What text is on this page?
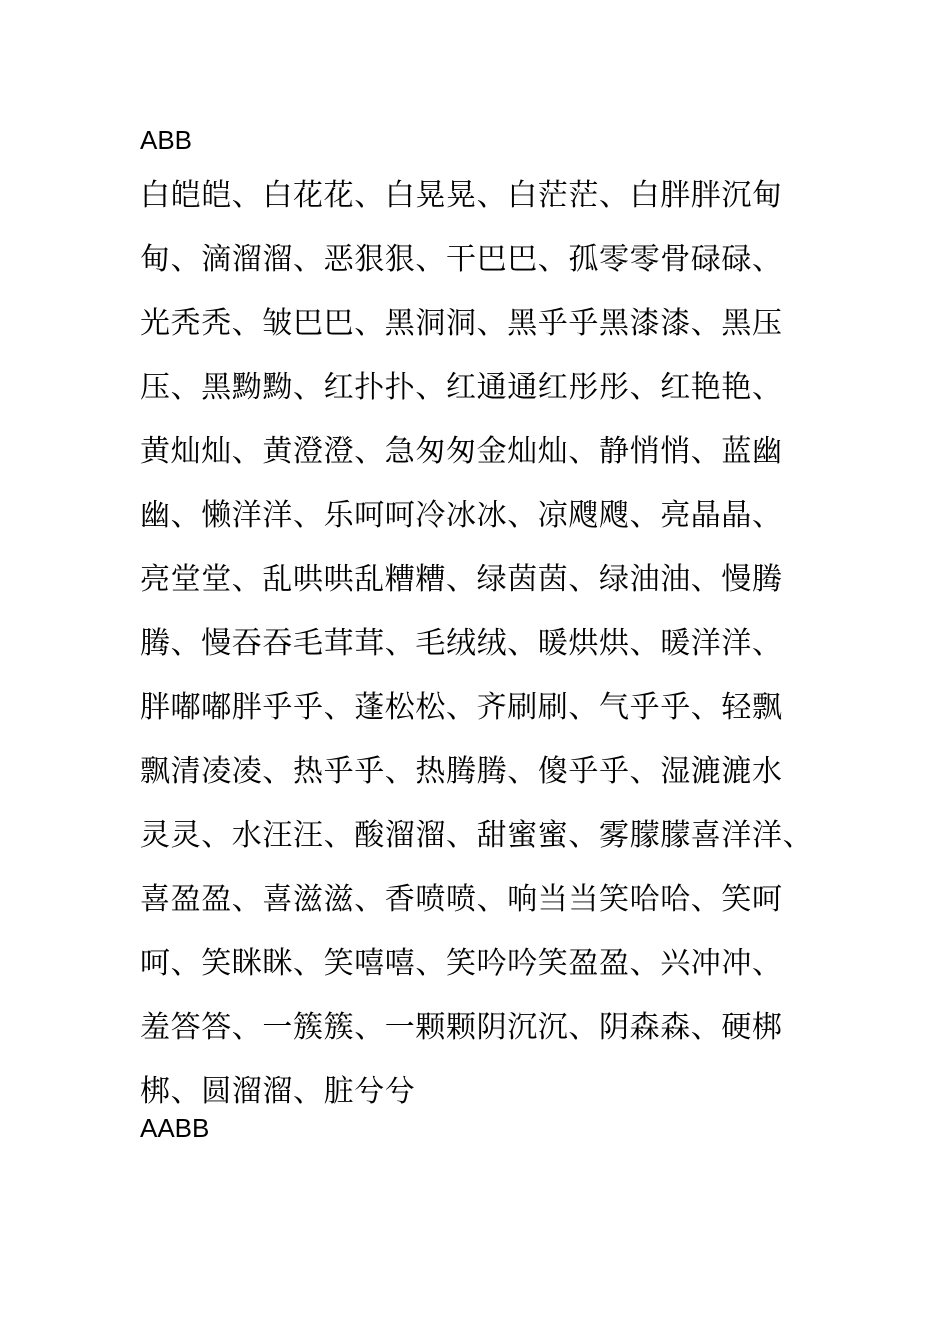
ABB
白皑皑、白花花、白晃晃、白茫茫、白胖胖沉甸
甸、滴溜溜、恶狠狠、干巴巴、孤零零骨碌碌、
光秃秃、皱巴巴、黑洞洞、黑乎乎黑漆漆、黑压
压、黑黝黝、红扑扑、红通通红彤彤、红艳艳、
黄灿灿、黄澄澄、急匆匆金灿灿、静悄悄、蓝幽
幽、懒洋洋、乐呵呵冷冰冰、凉飕飕、亮晶晶、
亮堂堂、乱哄哄乱糟糟、绿茵茵、绿油油、慢腾
腾、慢吞吞毛茸茸、毛绒绒、暖烘烘、暖洋洋、
胖嘟嘟胖乎乎、蓬松松、齐刷刷、气乎乎、轻飘
飘清凌凌、热乎乎、热腾腾、傻乎乎、湿漉漉水
灵灵、水汪汪、酸溜溜、甜蜜蜜、雾朦朦喜洋洋、
喜盈盈、喜滋滋、香喷喷、响当当笑哈哈、笑呵
呵、笑眯眯、笑嘻嘻、笑吟吟笑盈盈、兴冲冲、
羞答答、一簇簇、一颗颗阴沉沉、阴森森、硬梆
梆、圆溜溜、脏兮兮
AABB
